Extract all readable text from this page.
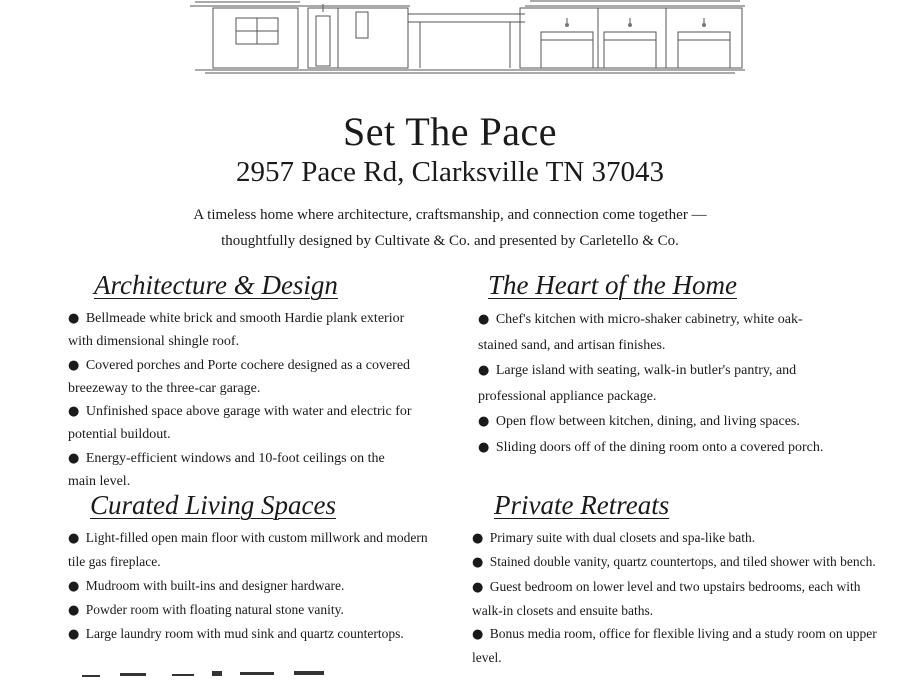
Set The Pace
2957 Pace Rd, Clarksville TN 37043

A timeless home where architecture, craftsmanship, and connection come together —
thoughtfully designed by Cultivate & Co. and presented by Carletello & Co.

Architecture & Design
● Bellmeade white brick and smooth Hardie plank exterior with dimensional shingle roof.
● Covered porches and Porte cochere designed as a covered breezeway to the three-car garage.
● Unfinished space above garage with water and electric for potential buildout.
● Energy-efficient windows and 10-foot ceilings on the main level.
The Heart of the Home
● Chef's kitchen with micro-shaker cabinetry, white oak-stained sand, and artisan finishes.
● Large island with seating, walk-in butler's pantry, and professional appliance package.
● Open flow between kitchen, dining, and living spaces.
● Sliding doors off of the dining room onto a covered porch.
Curated Living Spaces
● Light-filled open main floor with custom millwork and modern tile gas fireplace.
● Mudroom with built-ins and designer hardware.
● Powder room with floating natural stone vanity.
● Large laundry room with mud sink and quartz countertops.
Private Retreats
● Primary suite with dual closets and spa-like bath.
● Stained double vanity, quartz countertops, and tiled shower with bench.
● Guest bedroom on lower level and two upstairs bedrooms, each with walk-in closets and ensuite baths.
● Bonus media room, office for flexible living and a study room on upper level.
